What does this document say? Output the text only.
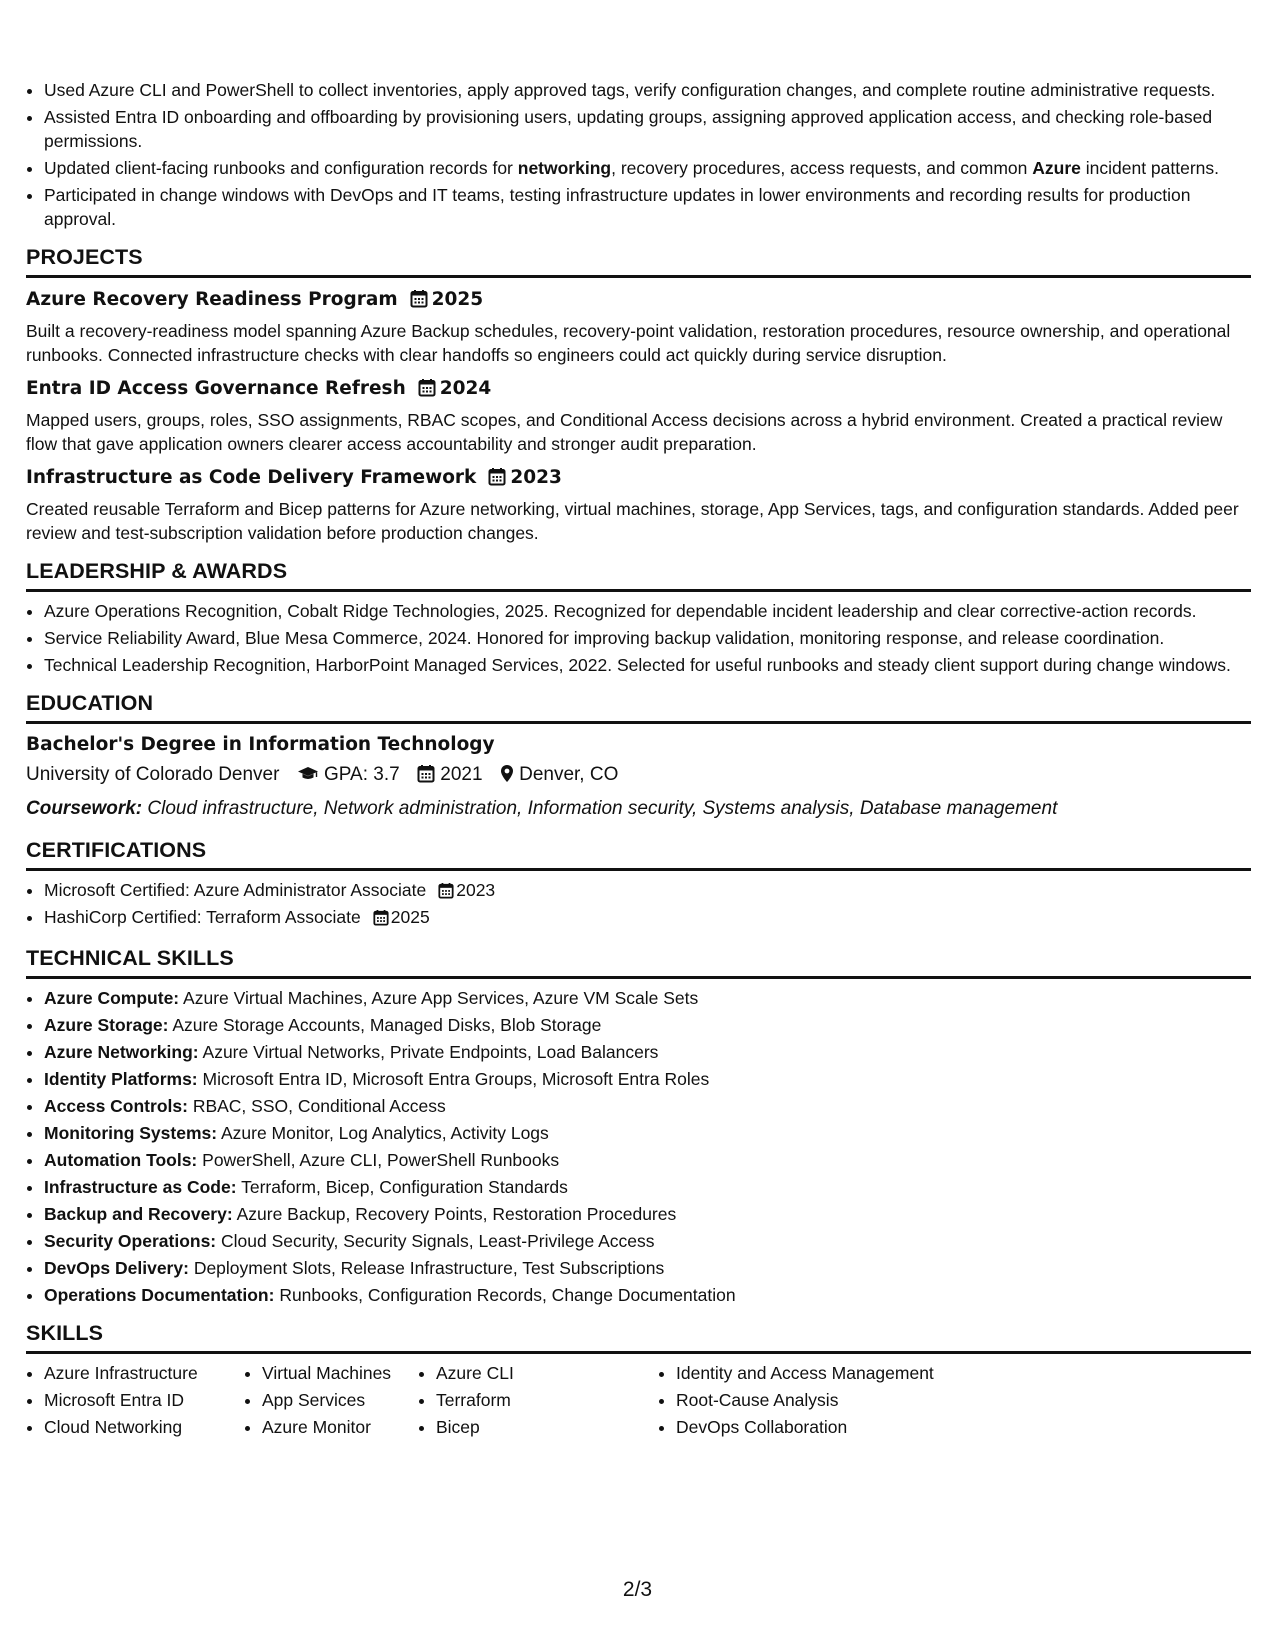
• Used Azure CLI and PowerShell to collect inventories, apply approved tags, verify configuration changes, and complete routine administrative requests.
• Assisted Entra ID onboarding and offboarding by provisioning users, updating groups, assigning approved application access, and checking role-based permissions.
• Updated client-facing runbooks and configuration records for networking, recovery procedures, access requests, and common Azure incident patterns.
• Participated in change windows with DevOps and IT teams, testing infrastructure updates in lower environments and recording results for production approval.
PROJECTS
Azure Recovery Readiness Program 2025
Built a recovery-readiness model spanning Azure Backup schedules, recovery-point validation, restoration procedures, resource ownership, and operational runbooks. Connected infrastructure checks with clear handoffs so engineers could act quickly during service disruption.
Entra ID Access Governance Refresh 2024
Mapped users, groups, roles, SSO assignments, RBAC scopes, and Conditional Access decisions across a hybrid environment. Created a practical review flow that gave application owners clearer access accountability and stronger audit preparation.
Infrastructure as Code Delivery Framework 2023
Created reusable Terraform and Bicep patterns for Azure networking, virtual machines, storage, App Services, tags, and configuration standards. Added peer review and test-subscription validation before production changes.
LEADERSHIP & AWARDS
• Azure Operations Recognition, Cobalt Ridge Technologies, 2025. Recognized for dependable incident leadership and clear corrective-action records.
• Service Reliability Award, Blue Mesa Commerce, 2024. Honored for improving backup validation, monitoring response, and release coordination.
• Technical Leadership Recognition, HarborPoint Managed Services, 2022. Selected for useful runbooks and steady client support during change windows.
EDUCATION
Bachelor's Degree in Information Technology
University of Colorado Denver GPA: 3.7 2021 Denver, CO
Coursework: Cloud infrastructure, Network administration, Information security, Systems analysis, Database management
CERTIFICATIONS
• Microsoft Certified: Azure Administrator Associate 2023
• HashiCorp Certified: Terraform Associate 2025
TECHNICAL SKILLS
• Azure Compute: Azure Virtual Machines, Azure App Services, Azure VM Scale Sets
• Azure Storage: Azure Storage Accounts, Managed Disks, Blob Storage
• Azure Networking: Azure Virtual Networks, Private Endpoints, Load Balancers
• Identity Platforms: Microsoft Entra ID, Microsoft Entra Groups, Microsoft Entra Roles
• Access Controls: RBAC, SSO, Conditional Access
• Monitoring Systems: Azure Monitor, Log Analytics, Activity Logs
• Automation Tools: PowerShell, Azure CLI, PowerShell Runbooks
• Infrastructure as Code: Terraform, Bicep, Configuration Standards
• Backup and Recovery: Azure Backup, Recovery Points, Restoration Procedures
• Security Operations: Cloud Security, Security Signals, Least-Privilege Access
• DevOps Delivery: Deployment Slots, Release Infrastructure, Test Subscriptions
• Operations Documentation: Runbooks, Configuration Records, Change Documentation
SKILLS
• Azure Infrastructure
• Microsoft Entra ID
• Cloud Networking
• Virtual Machines
• App Services
• Azure Monitor
• Azure CLI
• Terraform
• Bicep
• Identity and Access Management
• Root-Cause Analysis
• DevOps Collaboration
2/3
